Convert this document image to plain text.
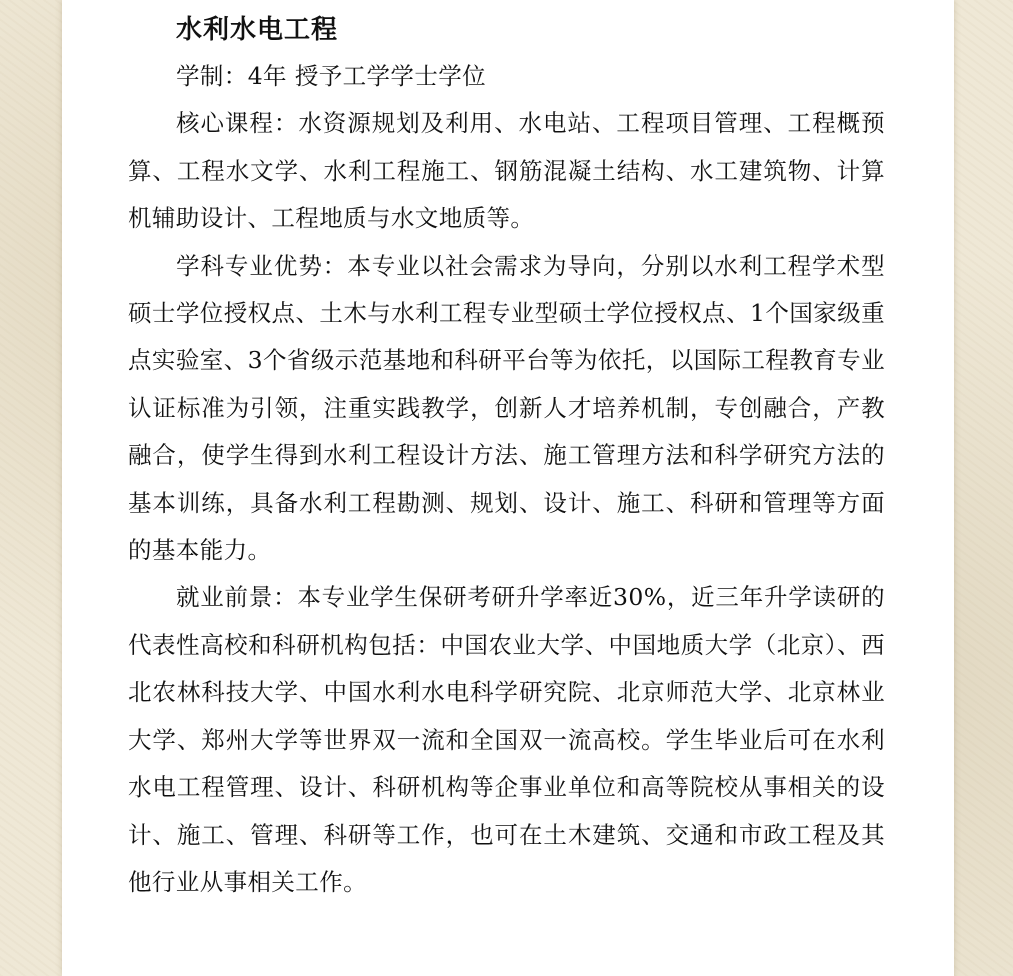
水利水电工程

学制：4年 授予工学学士学位

核心课程：水资源规划及利用、水电站、工程项目管理、工程概预算、工程水文学、水利工程施工、钢筋混凝土结构、水工建筑物、计算机辅助设计、工程地质与水文地质等。

学科专业优势：本专业以社会需求为导向，分别以水利工程学术型硕士学位授权点、土木与水利工程专业型硕士学位授权点、1个国家级重点实验室、3个省级示范基地和科研平台等为依托，以国际工程教育专业认证标准为引领，注重实践教学，创新人才培养机制，专创融合，产教融合，使学生得到水利工程设计方法、施工管理方法和科学研究方法的基本训练，具备水利工程勘测、规划、设计、施工、科研和管理等方面的基本能力。

就业前景：本专业学生保研考研升学率近30%，近三年升学读研的代表性高校和科研机构包括：中国农业大学、中国地质大学（北京）、西北农林科技大学、中国水利水电科学研究院、北京师范大学、北京林业大学、郑州大学等世界双一流和全国双一流高校。学生毕业后可在水利水电工程管理、设计、科研机构等企事业单位和高等院校从事相关的设计、施工、管理、科研等工作，也可在土木建筑、交通和市政工程及其他行业从事相关工作。
